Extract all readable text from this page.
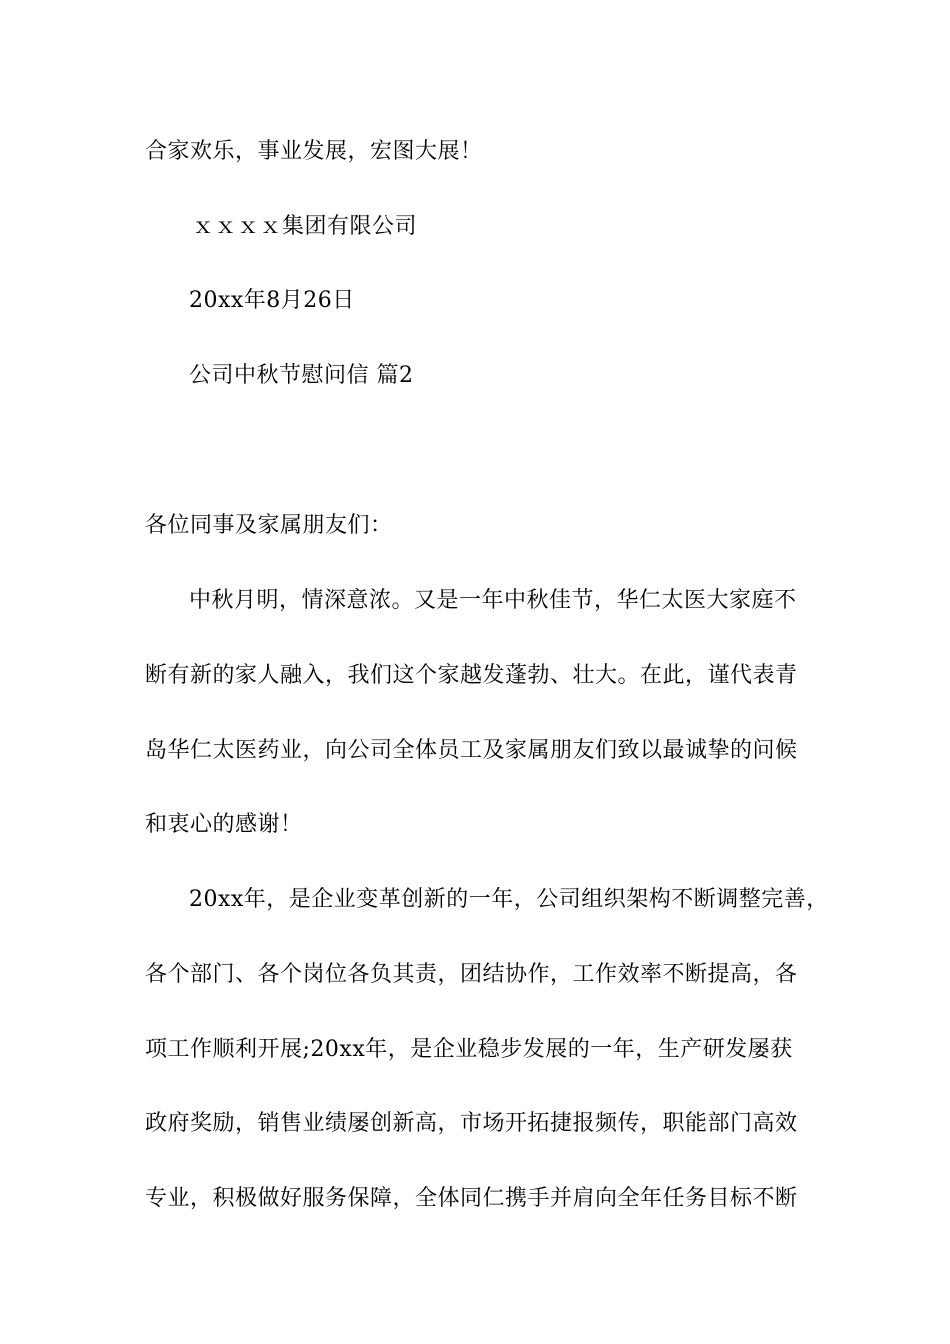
合家欢乐，事业发展，宏图大展！
ｘｘｘｘ集团有限公司
20xx年8月26日
公司中秋节慰问信 篇2
各位同事及家属朋友们：
中秋月明，情深意浓。又是一年中秋佳节，华仁太医大家庭不
断有新的家人融入，我们这个家越发蓬勃、壮大。在此，谨代表青
岛华仁太医药业，向公司全体员工及家属朋友们致以最诚挚的问候
和衷心的感谢！
20xx年，是企业变革创新的一年，公司组织架构不断调整完善，
各个部门、各个岗位各负其责，团结协作，工作效率不断提高，各
项工作顺利开展;20xx年，是企业稳步发展的一年，生产研发屡获
政府奖励，销售业绩屡创新高，市场开拓捷报频传，职能部门高效
专业，积极做好服务保障，全体同仁携手并肩向全年任务目标不断
